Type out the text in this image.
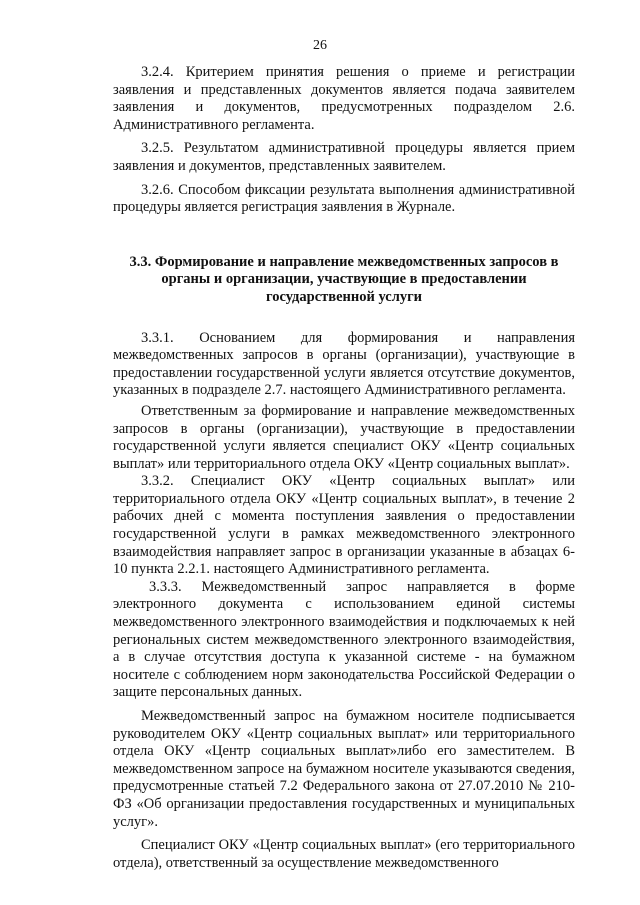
26

3.2.4. Критерием принятия решения о приеме и регистрации заявления и представленных документов является подача заявителем заявления и документов, предусмотренных подразделом 2.6. Административного регламента.

3.2.5. Результатом административной процедуры является прием заявления и документов, представленных заявителем.

3.2.6. Способом фиксации результата выполнения административной процедуры является регистрация заявления в Журнале.

3.3. Формирование и направление межведомственных запросов в органы и организации, участвующие в предоставлении государственной услуги

3.3.1. Основанием для формирования и направления межведомственных запросов в органы (организации), участвующие в предоставлении государственной услуги является отсутствие документов, указанных в подразделе 2.7. настоящего Административного регламента.

Ответственным за формирование и направление межведомственных запросов в органы (организации), участвующие в предоставлении государственной услуги является специалист ОКУ «Центр социальных выплат» или территориального отдела ОКУ «Центр социальных выплат».

3.3.2. Специалист ОКУ «Центр социальных выплат» или территориального отдела ОКУ «Центр социальных выплат», в течение 2 рабочих дней с момента поступления заявления о предоставлении государственной услуги в рамках межведомственного электронного взаимодействия направляет запрос в организации указанные в абзацах 6-10 пункта 2.2.1. настоящего Административного регламента.

3.3.3. Межведомственный запрос направляется в форме электронного документа с использованием единой системы межведомственного электронного взаимодействия и подключаемых к ней региональных систем межведомственного электронного взаимодействия, а в случае отсутствия доступа к указанной системе - на бумажном носителе с соблюдением норм законодательства Российской Федерации о защите персональных данных.

Межведомственный запрос на бумажном носителе подписывается руководителем ОКУ «Центр социальных выплат» или территориального отдела ОКУ «Центр социальных выплат»либо его заместителем. В межведомственном запросе на бумажном носителе указываются сведения, предусмотренные статьей 7.2 Федерального закона от 27.07.2010 № 210-ФЗ «Об организации предоставления государственных и муниципальных услуг».

Специалист ОКУ «Центр социальных выплат» (его территориального отдела), ответственный за осуществление межведомственного
